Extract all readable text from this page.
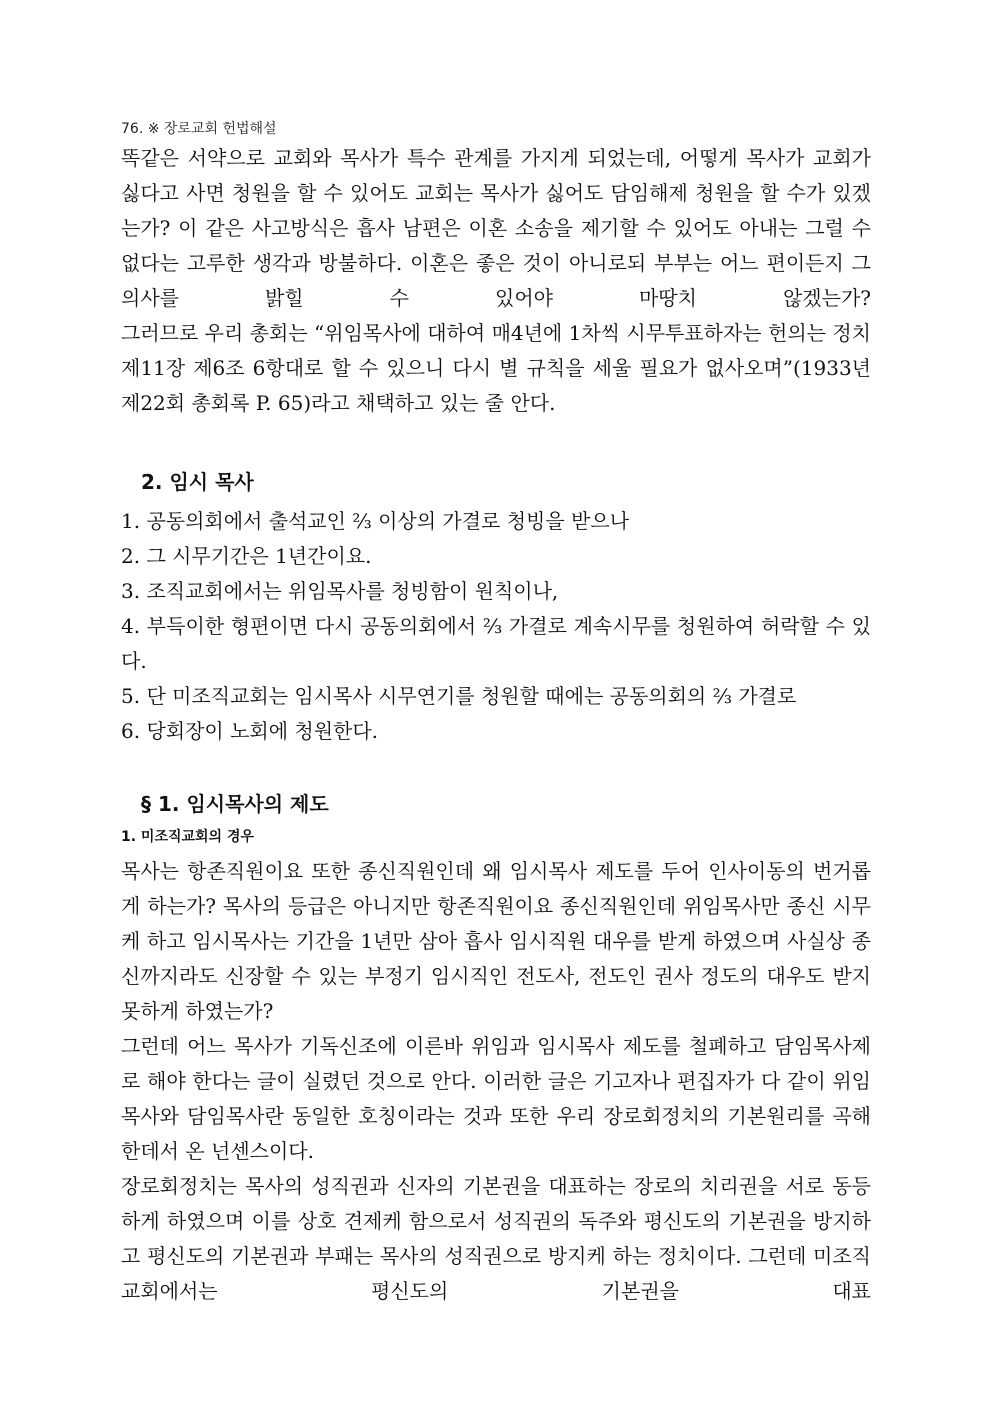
76. ※ 장로교회 헌법해설

똑같은 서약으로 교회와 목사가 특수 관계를 가지게 되었는데, 어떻게 목사가 교회가 싫다고 사면 청원을 할 수 있어도 교회는 목사가 싫어도 담임해제 청원을 할 수가 있겠는가? 이 같은 사고방식은 흡사 남편은 이혼 소송을 제기할 수 있어도 아내는 그럴 수 없다는 고루한 생각과 방불하다. 이혼은 좋은 것이 아니로되 부부는 어느 편이든지 그 의사를 밝힐 수 있어야 마땅치 않겠는가?

그러므로 우리 총회는 “위임목사에 대하여 매4년에 1차씩 시무투표하자는 헌의는 정치 제11장 제6조 6항대로 할 수 있으니 다시 별 규칙을 세울 필요가 없사오며”(1933년 제22회 총회록 P. 65)라고 채택하고 있는 줄 안다.

2. 임시 목사

1. 공동의회에서 출석교인 ⅔ 이상의 가결로 청빙을 받으나

2. 그 시무기간은 1년간이요.

3. 조직교회에서는 위임목사를 청빙함이 원칙이나,

4. 부득이한 형편이면 다시 공동의회에서 ⅔ 가결로 계속시무를 청원하여 허락할 수 있다.

5. 단 미조직교회는 임시목사 시무연기를 청원할 때에는 공동의회의 ⅔ 가결로

6. 당회장이 노회에 청원한다.

§ 1. 임시목사의 제도
1. 미조직교회의 경우

목사는 항존직원이요 또한 종신직원인데 왜 임시목사 제도를 두어 인사이동의 번거롭게 하는가? 목사의 등급은 아니지만 항존직원이요 종신직원인데 위임목사만 종신 시무케 하고 임시목사는 기간을 1년만 삼아 흡사 임시직원 대우를 받게 하였으며 사실상 종신까지라도 신장할 수 있는 부정기 임시직인 전도사, 전도인 권사 정도의 대우도 받지 못하게 하였는가?

그런데 어느 목사가 기독신조에 이른바 위임과 임시목사 제도를 철폐하고 담임목사제로 해야 한다는 글이 실렸던 것으로 안다. 이러한 글은 기고자나 편집자가 다 같이 위임목사와 담임목사란 동일한 호칭이라는 것과 또한 우리 장로회정치의 기본원리를 곡해한데서 온 넌센스이다.

장로회정치는 목사의 성직권과 신자의 기본권을 대표하는 장로의 치리권을 서로 동등하게 하였으며 이를 상호 견제케 함으로서 성직권의 독주와 평신도의 기본권을 방지하고 평신도의 기본권과 부패는 목사의 성직권으로 방지케 하는 정치이다. 그런데 미조직교회에서는 평신도의 기본권을 대표
